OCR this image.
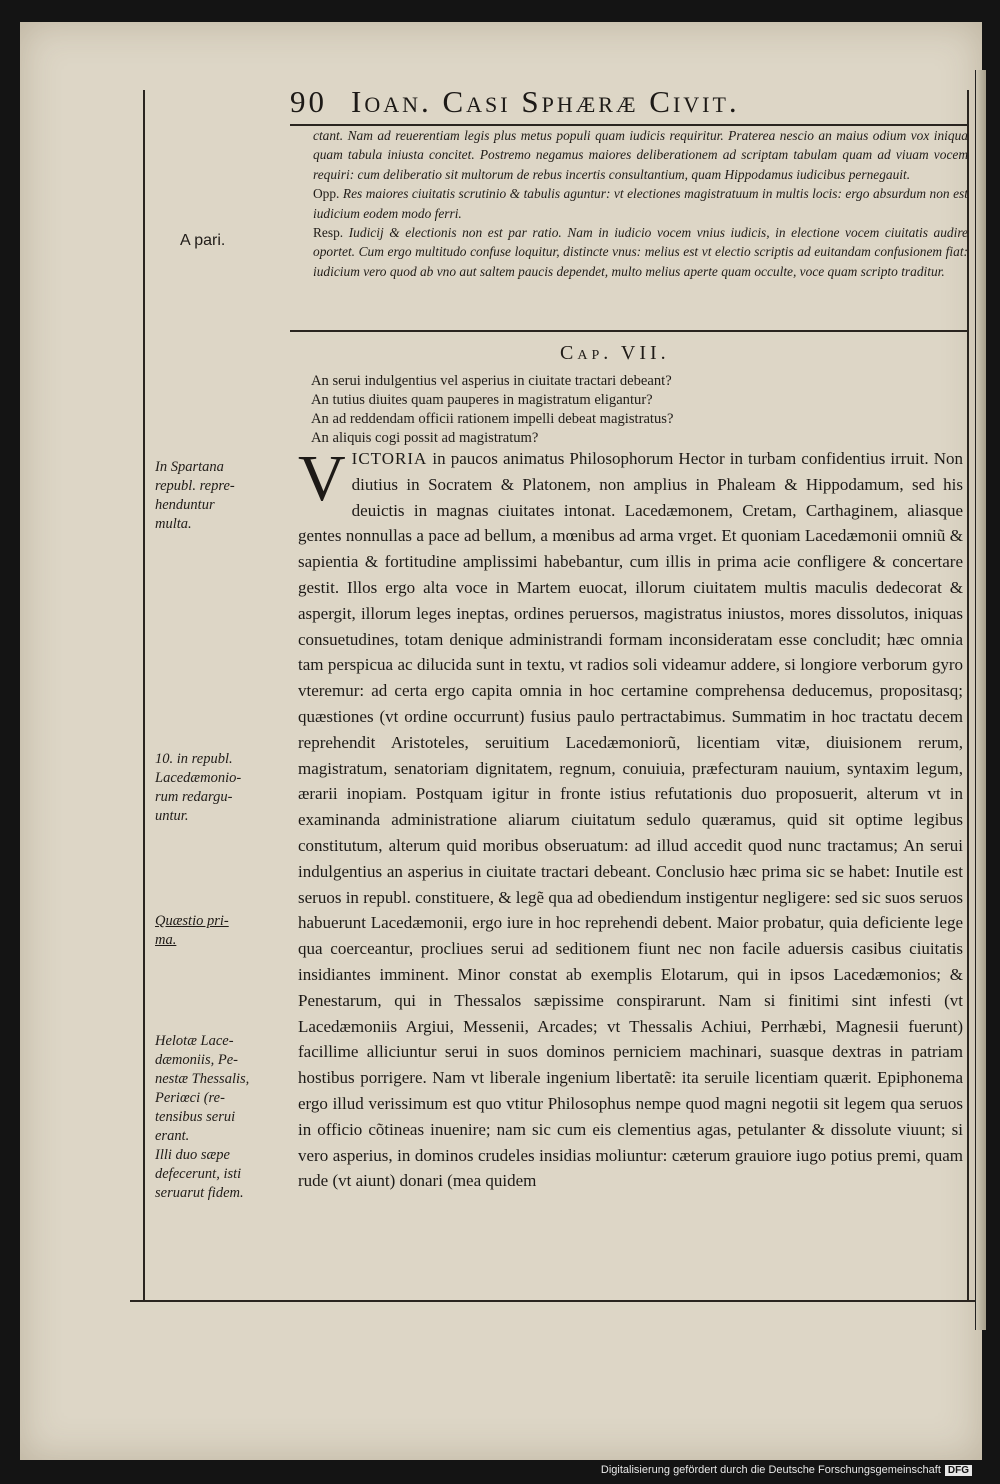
90 Ioan. Casi Sphæræ Civit.
A pari.

ctant. Nam ad reuerentiam legis plus metus populi quam iudicis requiritur. Praterea nescio an maius odium vox iniqua quam tabula iniusta concitet. Postremo negamus maiores deliberationem ad scriptam tabulam quam ad viuam vocem requiri: cum deliberatio sit multorum de rebus incertis consultantium, quam Hippodamus iudicibus pernegauit.

Opp. Res maiores ciuitatis scrutinio & tabulis aguntur: vt electiones magistratuum in multis locis: ergo absurdum non est iudicium eodem modo ferri.

Resp. Iudicij & electionis non est par ratio. Nam in iudicio vocem vnius iudicis, in electione vocem ciuitatis audire oportet. Cum ergo multitudo confuse loquitur, distincte vnus: melius est vt electio scriptis ad euitandam confusionem fiat: iudicium vero quod ab vno aut saltem paucis dependet, multo melius aperte quam occulte, voce quam scripto traditur.

Cap. VII.
An serui indulgentius vel asperius in ciuitate tractari debeant?
An tutius diuites quam pauperes in magistratum eligantur?
An ad reddendam officii rationem impelli debeat magistratus?
An aliquis cogi possit ad magistratum?
In Spartana
republ. repre-
henduntur
multa.
10. in republ.
Lacedæmonio-
rum redargu-
untur.
Quæstio pri-
ma.
Helotæ Lace-
dæmoniis, Pe-
nestæ Thessalis,
Periœci (re-
tensibus serui
erant.
Illi duo sæpe
defecerunt, isti
seruarut fidem.
VICTORIA in paucos animatus Philosophorum Hector in turbam confidentius irruit. Non diutius in Socratem & Platonem, non amplius in Phaleam & Hippodamum, sed his deuictis in magnas ciuitates intonat. Lacedæmonem, Cretam, Carthaginem, aliasque gentes nonnullas a pace ad bellum, a mœnibus ad arma vrget. Et quoniam Lacedæmonii omniũ & sapientia & fortitudine amplissimi habebantur, cum illis in prima acie confligere & concertare gestit. Illos ergo alta voce in Martem euocat, illorum ciuitatem multis maculis dedecorat & aspergit, illorum leges ineptas, ordines peruersos, magistratus iniustos, mores dissolutos, iniquas consuetudines, totam denique administrandi formam inconsideratam esse concludit; hæc omnia tam perspicua ac dilucida sunt in textu, vt radios soli videamur addere, si longiore verborum gyro vteremur: ad certa ergo capita omnia in hoc certamine comprehensa deducemus, propositasq; quæstiones (vt ordine occurrunt) fusius paulo pertractabimus. Summatim in hoc tractatu decem reprehendit Aristoteles, seruitium Lacedæmoniorũ, licentiam vitæ, diuisionem rerum, magistratum, senatoriam dignitatem, regnum, conuiuia, præfecturam nauium, syntaxim legum, ærarii inopiam. Postquam igitur in fronte istius refutationis duo proposuerit, alterum vt in examinanda administratione aliarum ciuitatum sedulo quæramus, quid sit optime legibus constitutum, alterum quid moribus obseruatum: ad illud accedit quod nunc tractamus; An serui indulgentius an asperius in ciuitate tractari debeant. Conclusio hæc prima sic se habet: Inutile est seruos in republ. constituere, & legẽ qua ad obediendum instigentur negligere: sed sic suos seruos habuerunt Lacedæmonii, ergo iure in hoc reprehendi debent. Maior probatur, quia deficiente lege qua coerceantur, procliues serui ad seditionem fiunt nec non facile aduersis casibus ciuitatis insidiantes imminent. Minor constat ab exemplis Elotarum, qui in ipsos Lacedæmonios; & Penestarum, qui in Thessalos sæpissime conspirarunt. Nam si finitimi sint infesti (vt Lacedæmoniis Argiui, Messenii, Arcades; vt Thessalis Achiui, Perrhæbi, Magnesii fuerunt) facillime alliciuntur serui in suos dominos perniciem machinari, suasque dextras in patriam hostibus porrigere. Nam vt liberale ingenium libertatẽ: ita seruile licentiam quærit. Epiphonema ergo illud verissimum est quo vtitur Philosophus nempe quod magni negotii sit legem qua seruos in officio cõtineas inuenire; nam sic cum eis clementius agas, petulanter & dissolute viuunt; si vero asperius, in dominos crudeles insidias moliuntur: cæterum grauiore iugo potius premi, quam rude (vt aiunt) donari (mea quidem
Digitalisierung gefördert durch die Deutsche Forschungsgemeinschaft DFG
